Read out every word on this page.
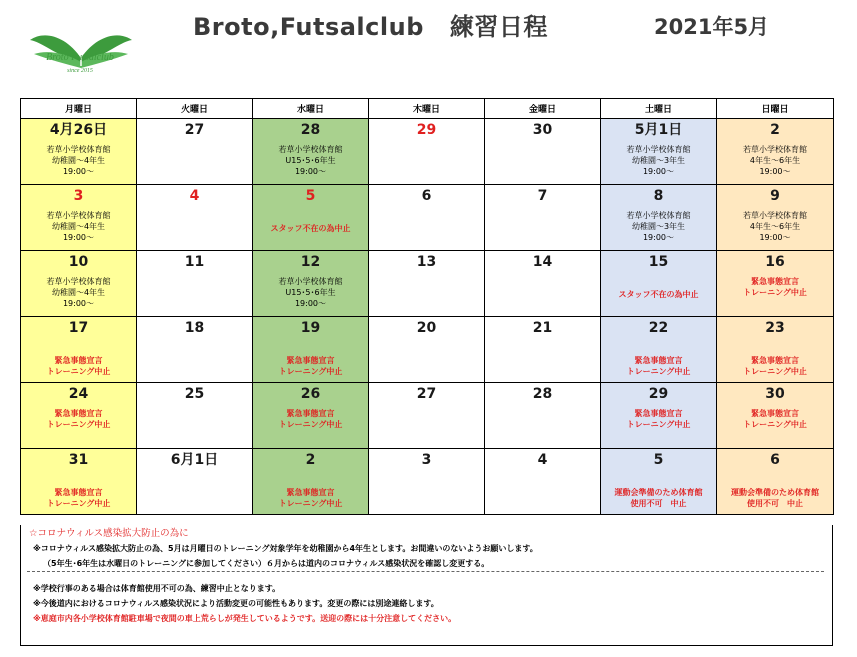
Broto Futsalclub
since 2015
Broto,Futsalclub 練習日程	2021年5月
月曜日	火曜日	水曜日	木曜日	金曜日	土曜日	日曜日

4月26日
若草小学校体育館
幼稚園～4年生
19:00～	27	28
若草小学校体育館
U15･5･6年生
19:00～	29	30	5月1日
若草小学校体育館
幼稚園～3年生
19:00～	2
若草小学校体育館
4年生～6年生
19:00～

3
若草小学校体育館
幼稚園～4年生
19:00～	4	5
スタッフ不在の為中止	6	7	8
若草小学校体育館
幼稚園～3年生
19:00～	9
若草小学校体育館
4年生～6年生
19:00～

10
若草小学校体育館
幼稚園～4年生
19:00～	11	12
若草小学校体育館
U15･5･6年生
19:00～	13	14	15
スタッフ不在の為中止	16
緊急事態宣言
トレーニング中止

17
緊急事態宣言
トレーニング中止	18	19
緊急事態宣言
トレーニング中止	20	21	22
緊急事態宣言
トレーニング中止	23
緊急事態宣言
トレーニング中止

24
緊急事態宣言
トレーニング中止	25	26
緊急事態宣言
トレーニング中止	27	28	29
緊急事態宣言
トレーニング中止	30
緊急事態宣言
トレーニング中止

31
緊急事態宣言
トレーニング中止	6月1日	2
緊急事態宣言
トレーニング中止	3	4	5
運動会準備のため体育館
使用不可　中止	6
運動会準備のため体育館
使用不可　中止
☆コロナウィルス感染拡大防止の為に
※コロナウィルス感染拡大防止の為、5月は月曜日のトレーニング対象学年を幼稚園から4年生とします。お間違いのないようお願いします。
（5年生･6年生は水曜日のトレーニングに参加してください）６月からは道内のコロナウィルス感染状況を確認し変更する。
※学校行事のある場合は体育館使用不可の為、練習中止となります。
※今後道内におけるコロナウィルス感染状況により活動変更の可能性もあります。変更の際には別途連絡します。
※恵庭市内各小学校体育館駐車場で夜間の車上荒らしが発生しているようです。送迎の際には十分注意してください。
